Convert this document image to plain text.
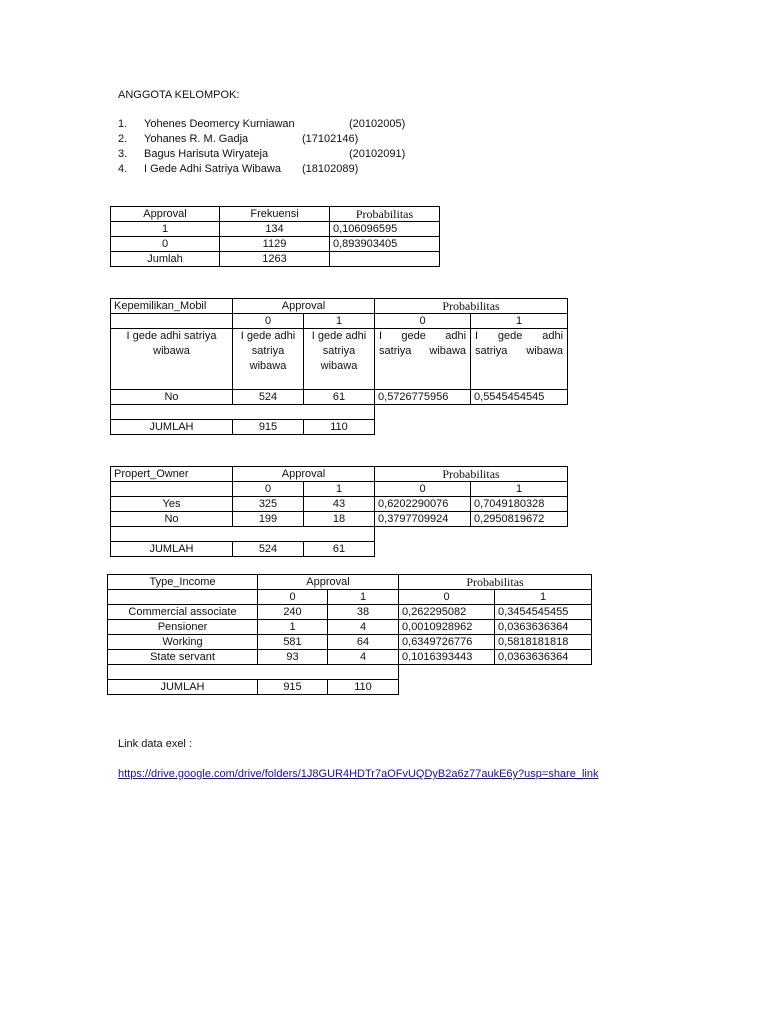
ANGGOTA KELOMPOK:
1. Yohenes Deomercy Kurniawan	(20102005)
2. Yohanes R. M. Gadja	(17102146)
3. Bagus Harisuta Wiryateja	(20102091)
4. I Gede Adhi Satriya Wibawa (18102089)
Approval	Frekuensi	Probabilitas
1	134	0,106096595
0	1129	0,893903405
Jumlah	1263	
Kepemilikan_Mobil	Approval		Probabilitas	
	0	1	0	1
I gede adhi satriya wibawa	I gede adhi satriya wibawa	I gede adhi satriya wibawa	I gede adhi satriya wibawa	I gede adhi satriya wibawa
No	524	61	0,5726775956	0,5545454545

JUMLAH	915	110		
Propert_Owner	Approval		Probabilitas	
	0	1	0	1
Yes	325	43	0,6202290076	0,7049180328
No	199	18	0,3797709924	0,2950819672

JUMLAH	524	61		
Type_Income	Approval		Probabilitas	
	0	1	0	1
Commercial associate	240	38	0,262295082	0,3454545455
Pensioner	1	4	0,0010928962	0,0363636364
Working	581	64	0,6349726776	0,5818181818
State servant	93	4	0,1016393443	0,0363636364

JUMLAH	915	110		
Link data exel :
https://drive.google.com/drive/folders/1J8GUR4HDTr7aOFvUQDyB2a6z77aukE6y?usp=share_link
